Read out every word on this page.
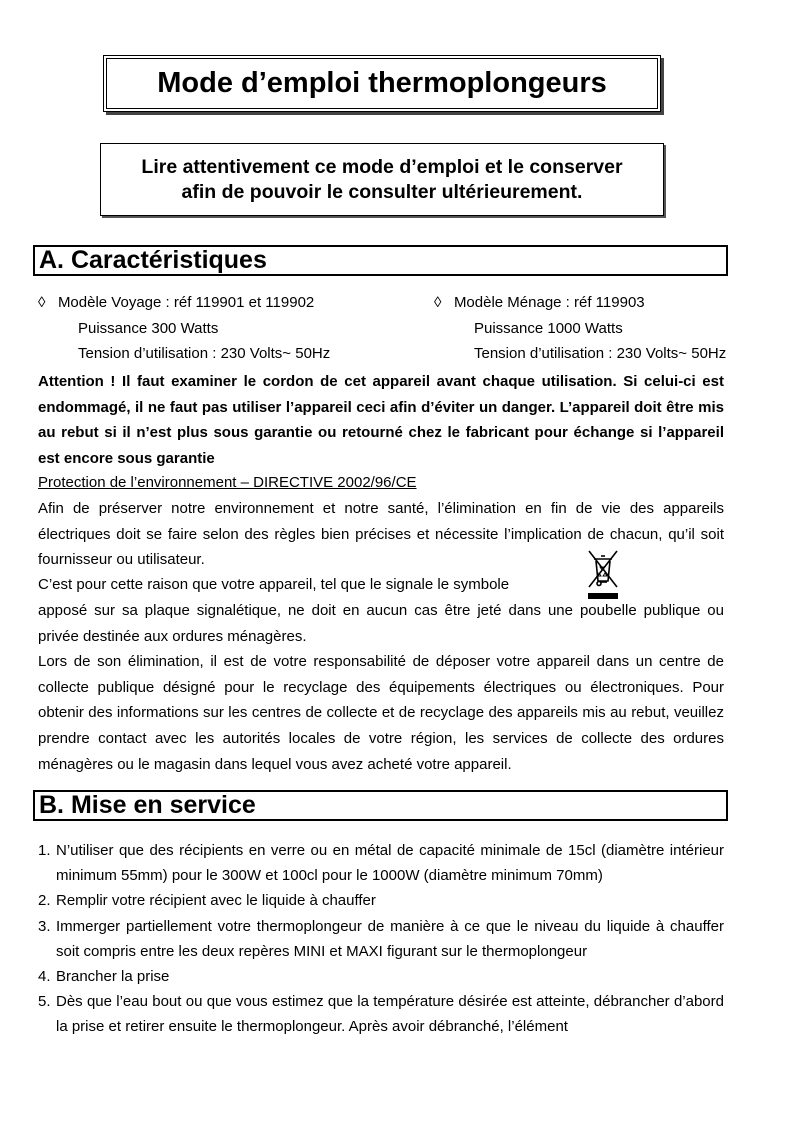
Mode d’emploi thermoplongeurs
Lire attentivement ce mode d’emploi et le conserver
afin de pouvoir le consulter ultérieurement.
A. Caractéristiques
◊ Modèle Voyage : réf 119901 et 119902
Puissance 300 Watts
Tension d’utilisation : 230 Volts~ 50Hz
◊ Modèle Ménage : réf 119903
Puissance 1000 Watts
Tension d’utilisation : 230 Volts~ 50Hz
Attention ! Il faut examiner le cordon de cet appareil avant chaque utilisation. Si celui-ci est endommagé, il ne faut pas utiliser l’appareil ceci afin d’éviter un danger. L’appareil doit être mis au rebut si il n’est plus sous garantie ou retourné chez le fabricant pour échange si l’appareil est encore sous garantie
Protection de l’environnement – DIRECTIVE 2002/96/CE
Afin de préserver notre environnement et notre santé, l’élimination en fin de vie des appareils électriques doit se faire selon des règles bien précises et nécessite l’implication de chacun, qu’il soit fournisseur ou utilisateur.
C’est pour cette raison que votre appareil, tel que le signale le symbole
apposé sur sa plaque signalétique, ne doit en aucun cas être jeté dans une poubelle publique ou privée destinée aux ordures ménagères.
Lors de son élimination, il est de votre responsabilité de déposer votre appareil dans un centre de collecte publique désigné pour le recyclage des équipements électriques ou électroniques. Pour obtenir des informations sur les centres de collecte et de recyclage des appareils mis au rebut, veuillez prendre contact avec les autorités locales de votre région, les services de collecte des ordures ménagères ou le magasin dans lequel vous avez acheté votre appareil.
B. Mise en service
1. N’utiliser que des récipients en verre ou en métal de capacité minimale de 15cl (diamètre intérieur minimum 55mm) pour le 300W et 100cl pour le 1000W (diamètre minimum 70mm)
2. Remplir votre récipient avec le liquide à chauffer
3. Immerger partiellement votre thermoplongeur de manière à ce que le niveau du liquide à chauffer soit compris entre les deux repères MINI et MAXI figurant sur le thermoplongeur
4. Brancher la prise
5. Dès que l’eau bout ou que vous estimez que la température désirée est atteinte, débrancher d’abord la prise et retirer ensuite le thermoplongeur. Après avoir débranché, l’élément
